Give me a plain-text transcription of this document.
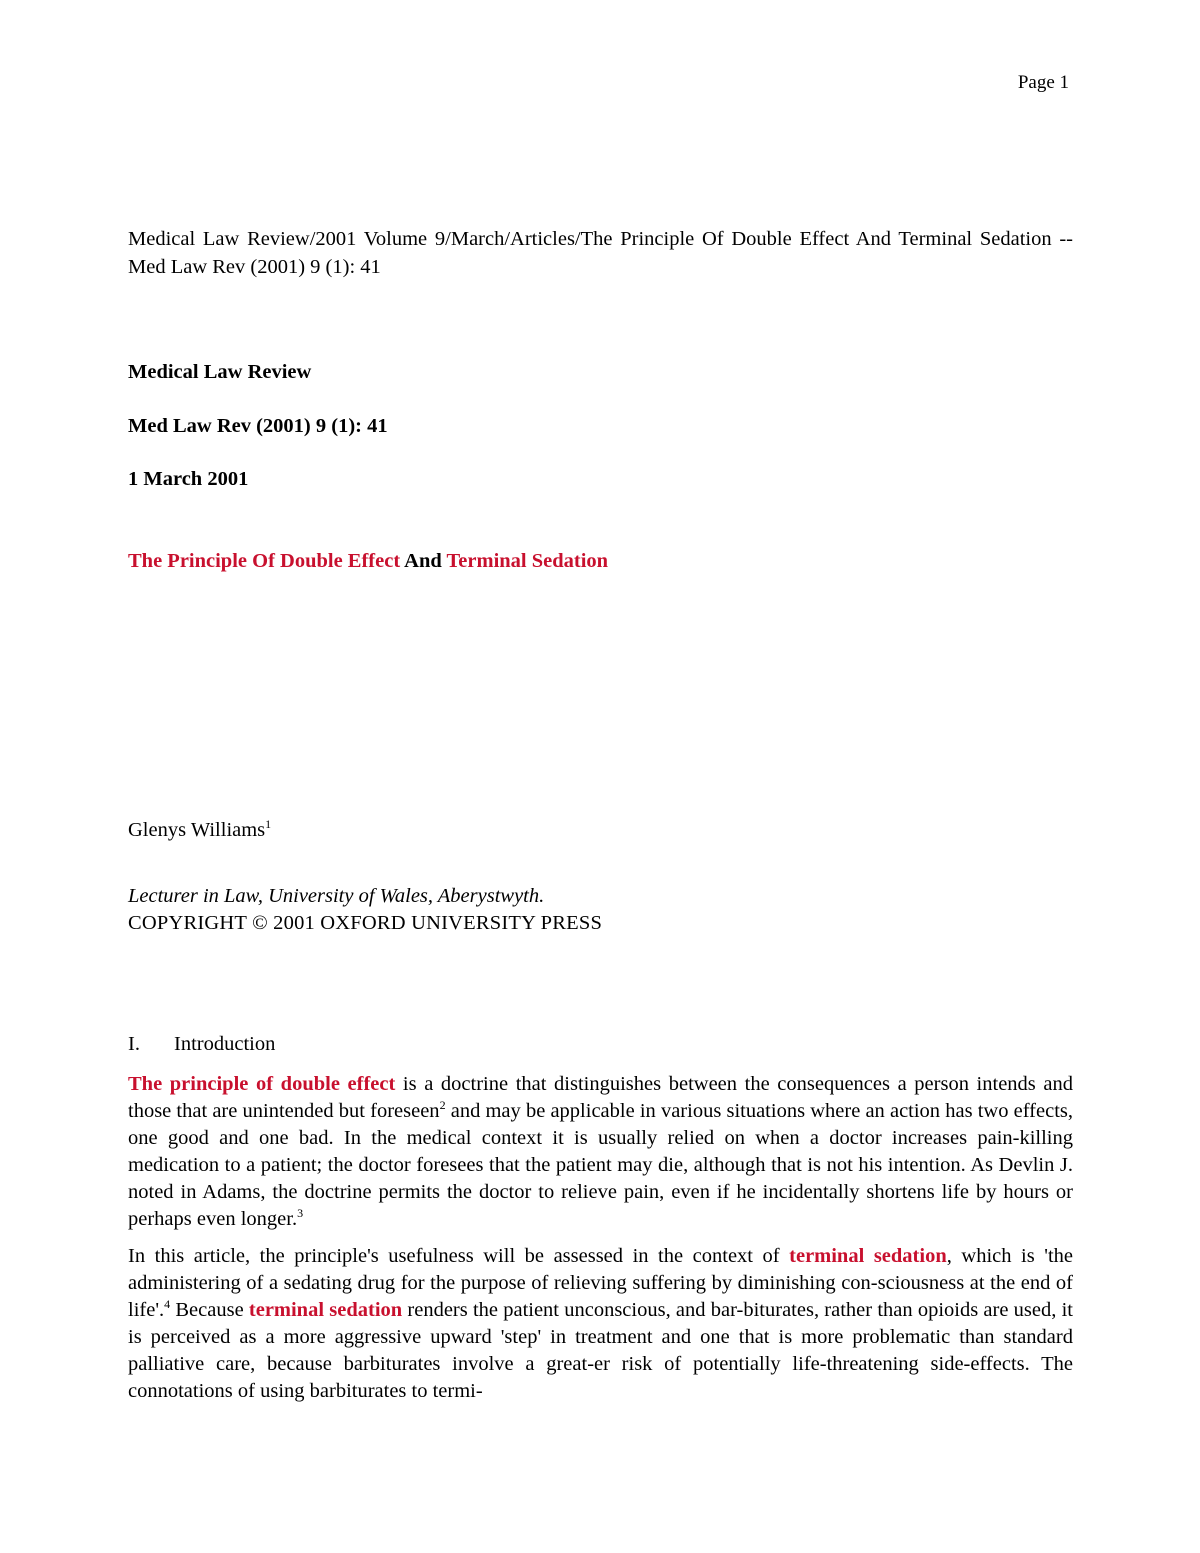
Page 1
Medical Law Review/2001 Volume 9/March/Articles/The Principle Of Double Effect And Terminal Sedation -- Med Law Rev (2001) 9 (1): 41
Medical Law Review
Med Law Rev (2001) 9 (1): 41
1 March 2001
The Principle Of Double Effect And Terminal Sedation
Glenys Williams$^1$
Lecturer in Law, University of Wales, Aberystwyth.
COPYRIGHT © 2001 OXFORD UNIVERSITY PRESS
I. Introduction

The principle of double effect is a doctrine that distinguishes between the consequences a person intends and those that are unintended but foreseen$^2$ and may be applicable in various situations where an action has two effects, one good and one bad. In the medical context it is usually relied on when a doctor increases pain-killing medication to a patient; the doctor foresees that the patient may die, although that is not his intention. As Devlin J. noted in Adams, the doctrine permits the doctor to relieve pain, even if he incidentally shortens life by hours or perhaps even longer.$^3$

In this article, the principle's usefulness will be assessed in the context of terminal sedation, which is 'the administering of a sedating drug for the purpose of relieving suffering by diminishing con-sciousness at the end of life'.$^4$ Because terminal sedation renders the patient unconscious, and bar-biturates, rather than opioids are used, it is perceived as a more aggressive upward 'step' in treatment and one that is more problematic than standard palliative care, because barbiturates involve a great-er risk of potentially life-threatening side-effects. The connotations of using barbiturates to termi-
